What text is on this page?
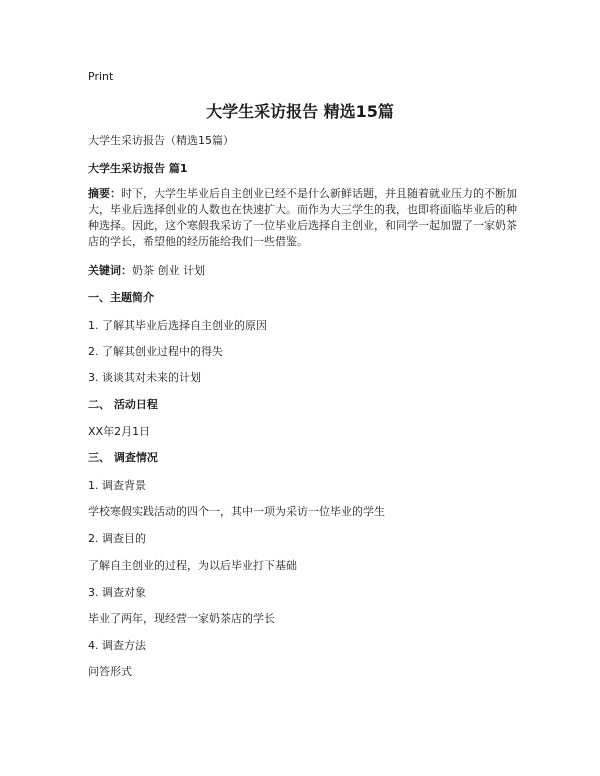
Print
大学生采访报告 精选15篇
大学生采访报告（精选15篇）
大学生采访报告 篇1
摘要：时下，大学生毕业后自主创业已经不是什么新鲜话题，并且随着就业压力的不断加大，毕业后选择创业的人数也在快速扩大。而作为大三学生的我，也即将面临毕业后的种种选择。因此，这个寒假我采访了一位毕业后选择自主创业，和同学一起加盟了一家奶茶店的学长，希望他的经历能给我们一些借鉴。
关键词：奶茶 创业 计划
一、主题简介
1. 了解其毕业后选择自主创业的原因
2. 了解其创业过程中的得失
3. 谈谈其对未来的计划
二、 活动日程
XX年2月1日
三、 调查情况
1. 调查背景
学校寒假实践活动的四个一，其中一项为采访一位毕业的学生
2. 调查目的
了解自主创业的过程，为以后毕业打下基础
3. 调查对象
毕业了两年，现经营一家奶茶店的学长
4. 调查方法
问答形式
